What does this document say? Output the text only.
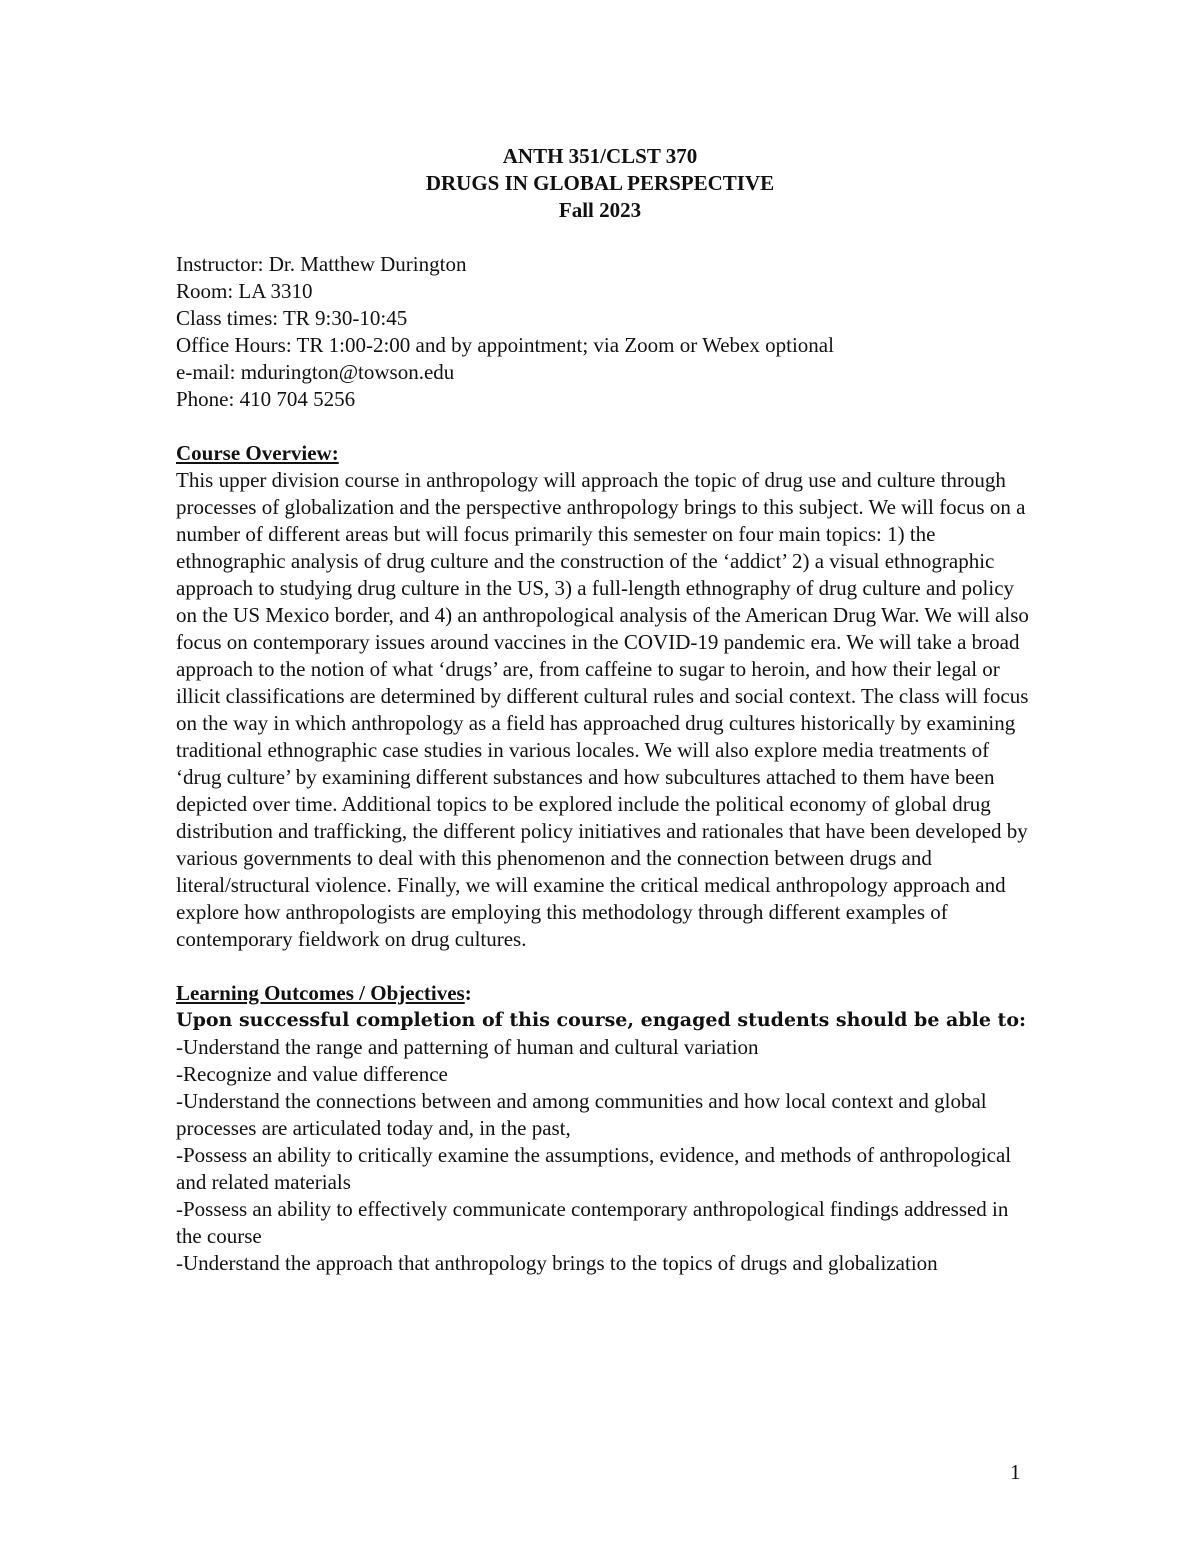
ANTH 351/CLST 370
DRUGS IN GLOBAL PERSPECTIVE
Fall 2023
Instructor: Dr. Matthew Durington
Room: LA 3310
Class times: TR 9:30-10:45
Office Hours: TR 1:00-2:00 and by appointment; via Zoom or Webex optional
e-mail: mdurington@towson.edu
Phone: 410 704 5256
Course Overview:

This upper division course in anthropology will approach the topic of drug use and culture through processes of globalization and the perspective anthropology brings to this subject. We will focus on a number of different areas but will focus primarily this semester on four main topics: 1) the ethnographic analysis of drug culture and the construction of the ‘addict’ 2) a visual ethnographic approach to studying drug culture in the US, 3) a full-length ethnography of drug culture and policy on the US Mexico border, and 4) an anthropological analysis of the American Drug War. We will also focus on contemporary issues around vaccines in the COVID-19 pandemic era. We will take a broad approach to the notion of what ‘drugs’ are, from caffeine to sugar to heroin, and how their legal or illicit classifications are determined by different cultural rules and social context. The class will focus on the way in which anthropology as a field has approached drug cultures historically by examining traditional ethnographic case studies in various locales. We will also explore media treatments of ‘drug culture’ by examining different substances and how subcultures attached to them have been depicted over time. Additional topics to be explored include the political economy of global drug distribution and trafficking, the different policy initiatives and rationales that have been developed by various governments to deal with this phenomenon and the connection between drugs and literal/structural violence. Finally, we will examine the critical medical anthropology approach and explore how anthropologists are employing this methodology through different examples of contemporary fieldwork on drug cultures.

Learning Outcomes / Objectives:
Upon successful completion of this course, engaged students should be able to:

-Understand the range and patterning of human and cultural variation

-Recognize and value difference

-Understand the connections between and among communities and how local context and global processes are articulated today and, in the past,

-Possess an ability to critically examine the assumptions, evidence, and methods of anthropological and related materials

-Possess an ability to effectively communicate contemporary anthropological findings addressed in the course

-Understand the approach that anthropology brings to the topics of drugs and globalization

1
